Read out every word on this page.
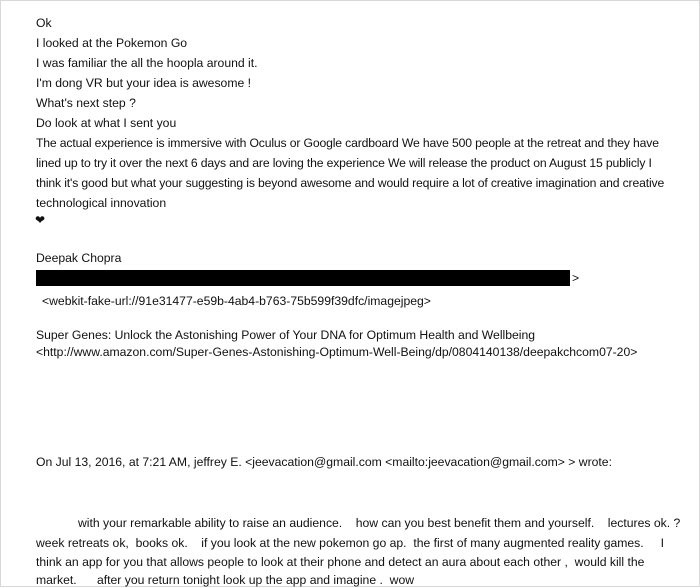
Ok
I looked at the Pokemon Go
I was familiar the all the hoopla around it.
I'm dong VR but your idea is awesome !
What's next step ?
Do look at what I sent you
The actual experience is immersive with Oculus or Google cardboard We have 500 people at the retreat and they have
lined up to try it over the next 6 days and are loving the experience We will release the product on August 15 publicly I
think it's good but what your suggesting is beyond awesome and would require a lot of creative imagination and creative
technological innovation
❤
Deepak Chopra
>
<webkit-fake-url://91e31477-e59b-4ab4-b763-75b599f39dfc/imagejpeg>
Super Genes: Unlock the Astonishing Power of Your DNA for Optimum Health and Wellbeing
<http://www.amazon.com/Super-Genes-Astonishing-Optimum-Well-Being/dp/0804140138/deepakchcom07-20>
On Jul 13, 2016, at 7:21 AM, jeffrey E. <jeevacation@gmail.com <mailto:jeevacation@gmail.com> > wrote:
with your remarkable ability to raise an audience.    how can you best benefit them and yourself.    lectures ok. ?
week retreats ok,  books ok.    if you look at the new pokemon go ap.  the first of many augmented reality games.     I
think an app for you that allows people to look at their phone and detect an aura about each other ,  would kill the
market.      after you return tonight look up the app and imagine .  wow
